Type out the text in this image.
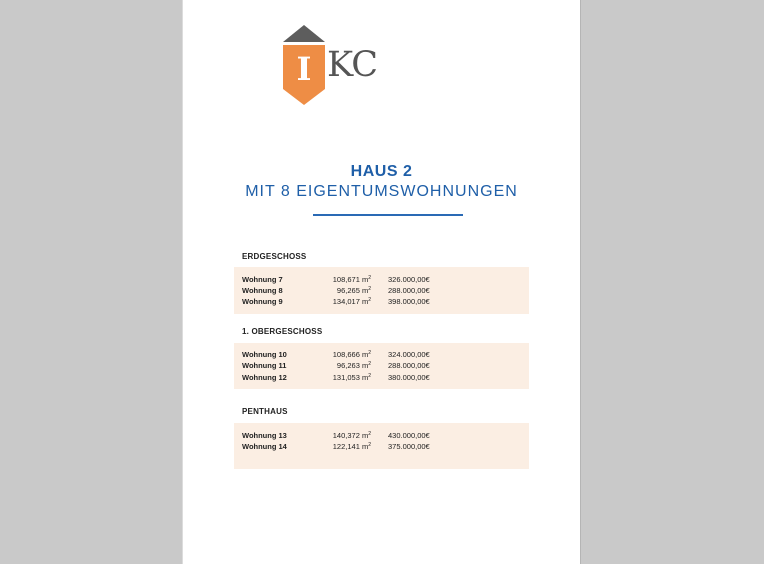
I KC
HAUS 2
MIT 8 EIGENTUMSWOHNUNGEN
ERDGESCHOSS
Wohnung 7	108,671 $m^2$ 326.000,00€
Wohnung 8	96,265 $m^2$ 288.000,00€
Wohnung 9	134,017 $m^2$ 398.000,00€
1. OBERGESCHOSS
Wohnung 10	108,666 $m^2$ 324.000,00€
Wohnung 11	96,263 $m^2$ 288.000,00€
Wohnung 12	131,053 $m^2$ 380.000,00€
PENTHAUS
Wohnung 13	140,372 $m^2$ 430.000,00€
Wohnung 14	122,141 $m^2$ 375.000,00€
